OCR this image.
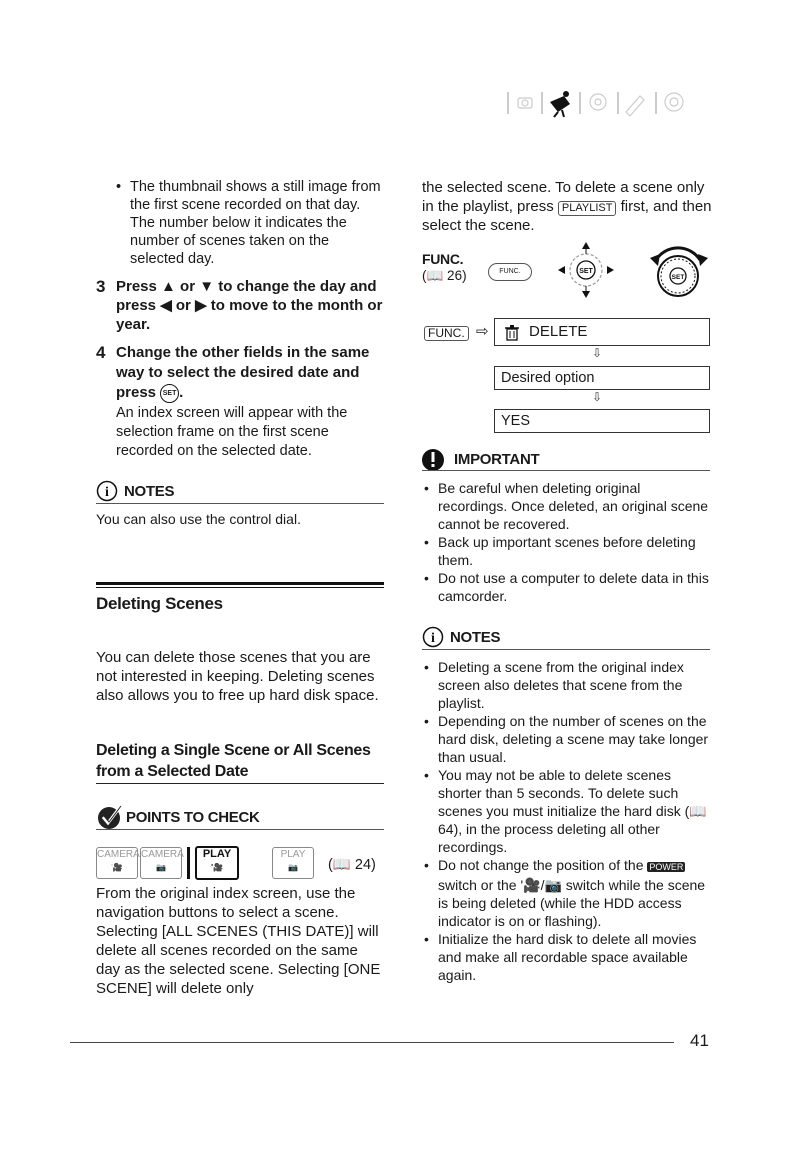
• The thumbnail shows a still image from the first scene recorded on that day. The number below it indicates the number of scenes taken on the selected day.
3 Press ▲ or ▼ to change the day and press ◀ or ▶ to move to the month or year.
4 Change the other fields in the same way to select the desired date and press SET .
An index screen will appear with the selection frame on the first scene recorded on the selected date.
i NOTES
You can also use the control dial.
Deleting Scenes
You can delete those scenes that you are not interested in keeping. Deleting scenes also allows you to free up hard disk space.
Deleting a Single Scene or All Scenes
from a Selected Date
POINTS TO CHECK
CAMERA
'🎥
CAMERA
📷
PLAY
'🎥
PLAY
📷	(📖 24)
From the original index screen, use the navigation buttons to select a scene. Selecting [ALL SCENES (THIS DATE)] will delete all scenes recorded on the same day as the selected scene. Selecting [ONE SCENE] will delete only
the selected scene. To delete a scene only in the playlist, press PLAYLIST first, and then select the scene.
FUNC.
(📖 26)	FUNC.	SET
SET
FUNC. ⇨	DELETE
⇩
Desired option
⇩
YES
IMPORTANT
• Be careful when deleting original recordings. Once deleted, an original scene cannot be recovered.
• Back up important scenes before deleting them.
• Do not use a computer to delete data in this camcorder.
i NOTES
• Deleting a scene from the original index screen also deletes that scene from the playlist.
• Depending on the number of scenes on the hard disk, deleting a scene may take longer than usual.
• You may not be able to delete scenes shorter than 5 seconds. To delete such scenes you must initialize the hard disk (📖 64), in the process deleting all other recordings.
• Do not change the position of the POWER switch or the '🎥/📷 switch while the scene is being deleted (while the HDD access indicator is on or flashing).
• Initialize the hard disk to delete all movies and make all recordable space available again.
41
